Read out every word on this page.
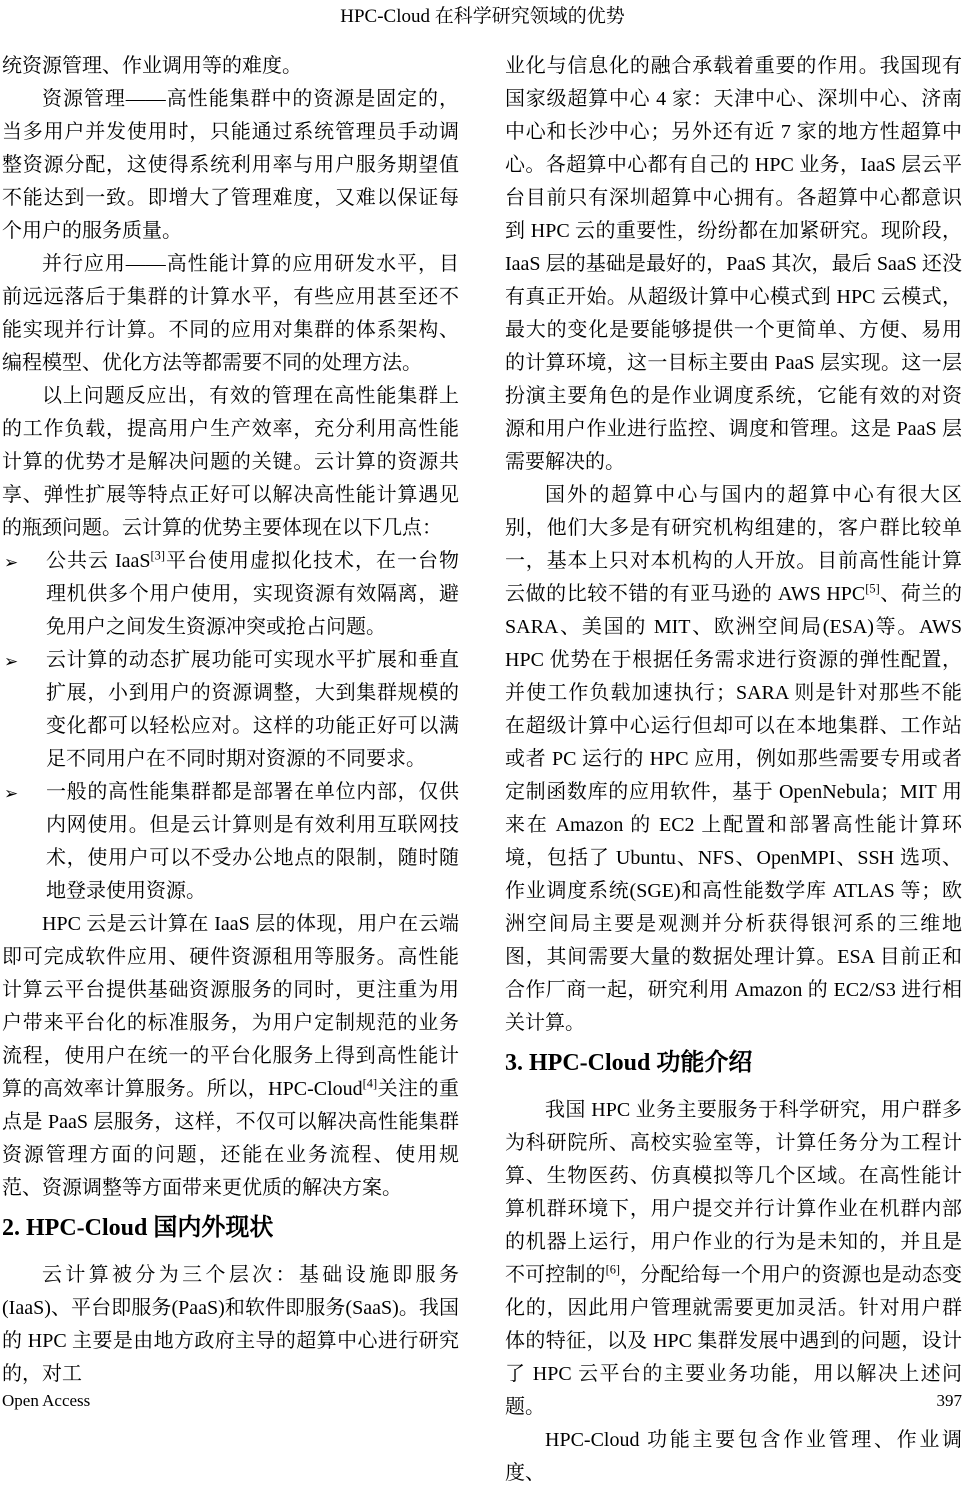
HPC-Cloud 在科学研究领域的优势

统资源管理、作业调用等的难度。

资源管理——高性能集群中的资源是固定的，当多用户并发使用时，只能通过系统管理员手动调整资源分配，这使得系统利用率与用户服务期望值不能达到一致。即增大了管理难度，又难以保证每个用户的服务质量。

并行应用——高性能计算的应用研发水平，目前远远落后于集群的计算水平，有些应用甚至还不能实现并行计算。不同的应用对集群的体系架构、编程模型、优化方法等都需要不同的处理方法。

以上问题反应出，有效的管理在高性能集群上的工作负载，提高用户生产效率，充分利用高性能计算的优势才是解决问题的关键。云计算的资源共享、弹性扩展等特点正好可以解决高性能计算遇见的瓶颈问题。云计算的优势主要体现在以下几点：

➢ 公共云 IaaS[3]平台使用虚拟化技术，在一台物理机供多个用户使用，实现资源有效隔离，避免用户之间发生资源冲突或抢占问题。

➢ 云计算的动态扩展功能可实现水平扩展和垂直扩展，小到用户的资源调整，大到集群规模的变化都可以轻松应对。这样的功能正好可以满足不同用户在不同时期对资源的不同要求。

➢ 一般的高性能集群都是部署在单位内部，仅供内网使用。但是云计算则是有效利用互联网技术，使用户可以不受办公地点的限制，随时随地登录使用资源。

HPC 云是云计算在 IaaS 层的体现，用户在云端即可完成软件应用、硬件资源租用等服务。高性能计算云平台提供基础资源服务的同时，更注重为用户带来平台化的标准服务，为用户定制规范的业务流程，使用户在统一的平台化服务上得到高性能计算的高效率计算服务。所以，HPC-Cloud[4]关注的重点是 PaaS 层服务，这样，不仅可以解决高性能集群资源管理方面的问题，还能在业务流程、使用规范、资源调整等方面带来更优质的解决方案。

2. HPC-Cloud 国内外现状

云计算被分为三个层次：基础设施即服务(IaaS)、平台即服务(PaaS)和软件即服务(SaaS)。我国的 HPC 主要是由地方政府主导的超算中心进行研究的，对工

业化与信息化的融合承载着重要的作用。我国现有国家级超算中心 4 家：天津中心、深圳中心、济南中心和长沙中心；另外还有近 7 家的地方性超算中心。各超算中心都有自己的 HPC 业务，IaaS 层云平台目前只有深圳超算中心拥有。各超算中心都意识到 HPC 云的重要性，纷纷都在加紧研究。现阶段，IaaS 层的基础是最好的，PaaS 其次，最后 SaaS 还没有真正开始。从超级计算中心模式到 HPC 云模式，最大的变化是要能够提供一个更简单、方便、易用的计算环境，这一目标主要由 PaaS 层实现。这一层扮演主要角色的是作业调度系统，它能有效的对资源和用户作业进行监控、调度和管理。这是 PaaS 层需要解决的。

国外的超算中心与国内的超算中心有很大区别，他们大多是有研究机构组建的，客户群比较单一，基本上只对本机构的人开放。目前高性能计算云做的比较不错的有亚马逊的 AWS HPC[5]、荷兰的 SARA、美国的 MIT、欧洲空间局(ESA)等。AWS HPC 优势在于根据任务需求进行资源的弹性配置，并使工作负载加速执行；SARA 则是针对那些不能在超级计算中心运行但却可以在本地集群、工作站或者 PC 运行的 HPC 应用，例如那些需要专用或者定制函数库的应用软件，基于 OpenNebula；MIT 用来在 Amazon 的 EC2 上配置和部署高性能计算环境，包括了 Ubuntu、NFS、OpenMPI、SSH 选项、作业调度系统(SGE)和高性能数学库 ATLAS 等；欧洲空间局主要是观测并分析获得银河系的三维地图，其间需要大量的数据处理计算。ESA 目前正和合作厂商一起，研究利用 Amazon 的 EC2/S3 进行相关计算。

3. HPC-Cloud 功能介绍

我国 HPC 业务主要服务于科学研究，用户群多为科研院所、高校实验室等，计算任务分为工程计算、生物医药、仿真模拟等几个区域。在高性能计算机群环境下，用户提交并行计算作业在机群内部的机器上运行，用户作业的行为是未知的，并且是不可控制的[6]，分配给每一个用户的资源也是动态变化的，因此用户管理就需要更加灵活。针对用户群体的特征，以及 HPC 集群发展中遇到的问题，设计了 HPC 云平台的主要业务功能，用以解决上述问题。

HPC-Cloud 功能主要包含作业管理、作业调度、

Open Access	397
